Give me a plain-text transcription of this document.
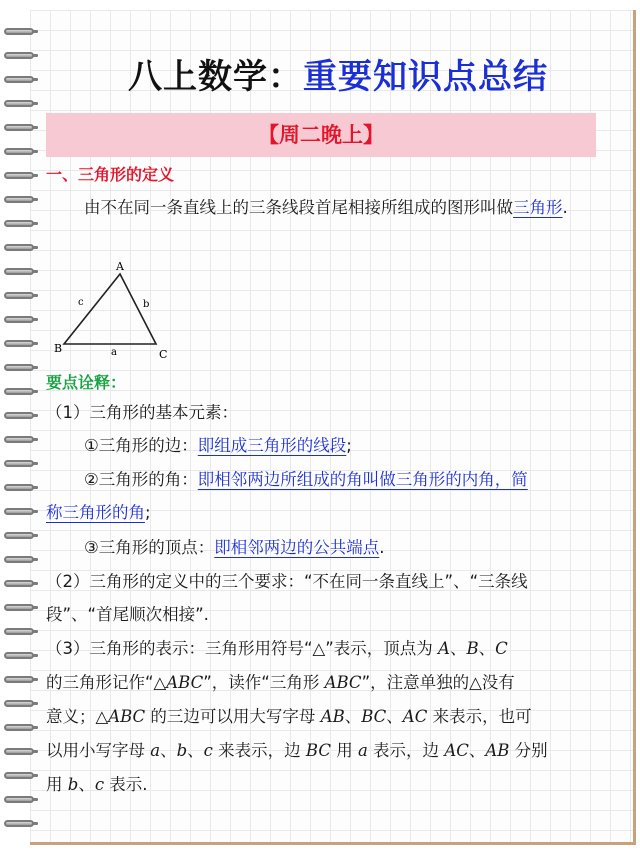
八上数学：重要知识点总结
【周二晚上】
一、三角形的定义
由不在同一条直线上的三条线段首尾相接所组成的图形叫做三角形.
A
B	C
a
b
c
要点诠释：
（1）三角形的基本元素：
①三角形的边：即组成三角形的线段;
②三角形的角：即相邻两边所组成的角叫做三角形的内角，简
称三角形的角;
③三角形的顶点：即相邻两边的公共端点.
（2）三角形的定义中的三个要求：“不在同一条直线上”、“三条线
段”、“首尾顺次相接”.
（3）三角形的表示：三角形用符号“△”表示，顶点为 A、B、C
的三角形记作“△ABC”，读作“三角形 ABC”，注意单独的△没有
意义；△ABC 的三边可以用大写字母 AB、BC、AC 来表示，也可
以用小写字母 a、b、c 来表示，边 BC 用 a 表示，边 AC、AB 分别
用 b、c 表示.
